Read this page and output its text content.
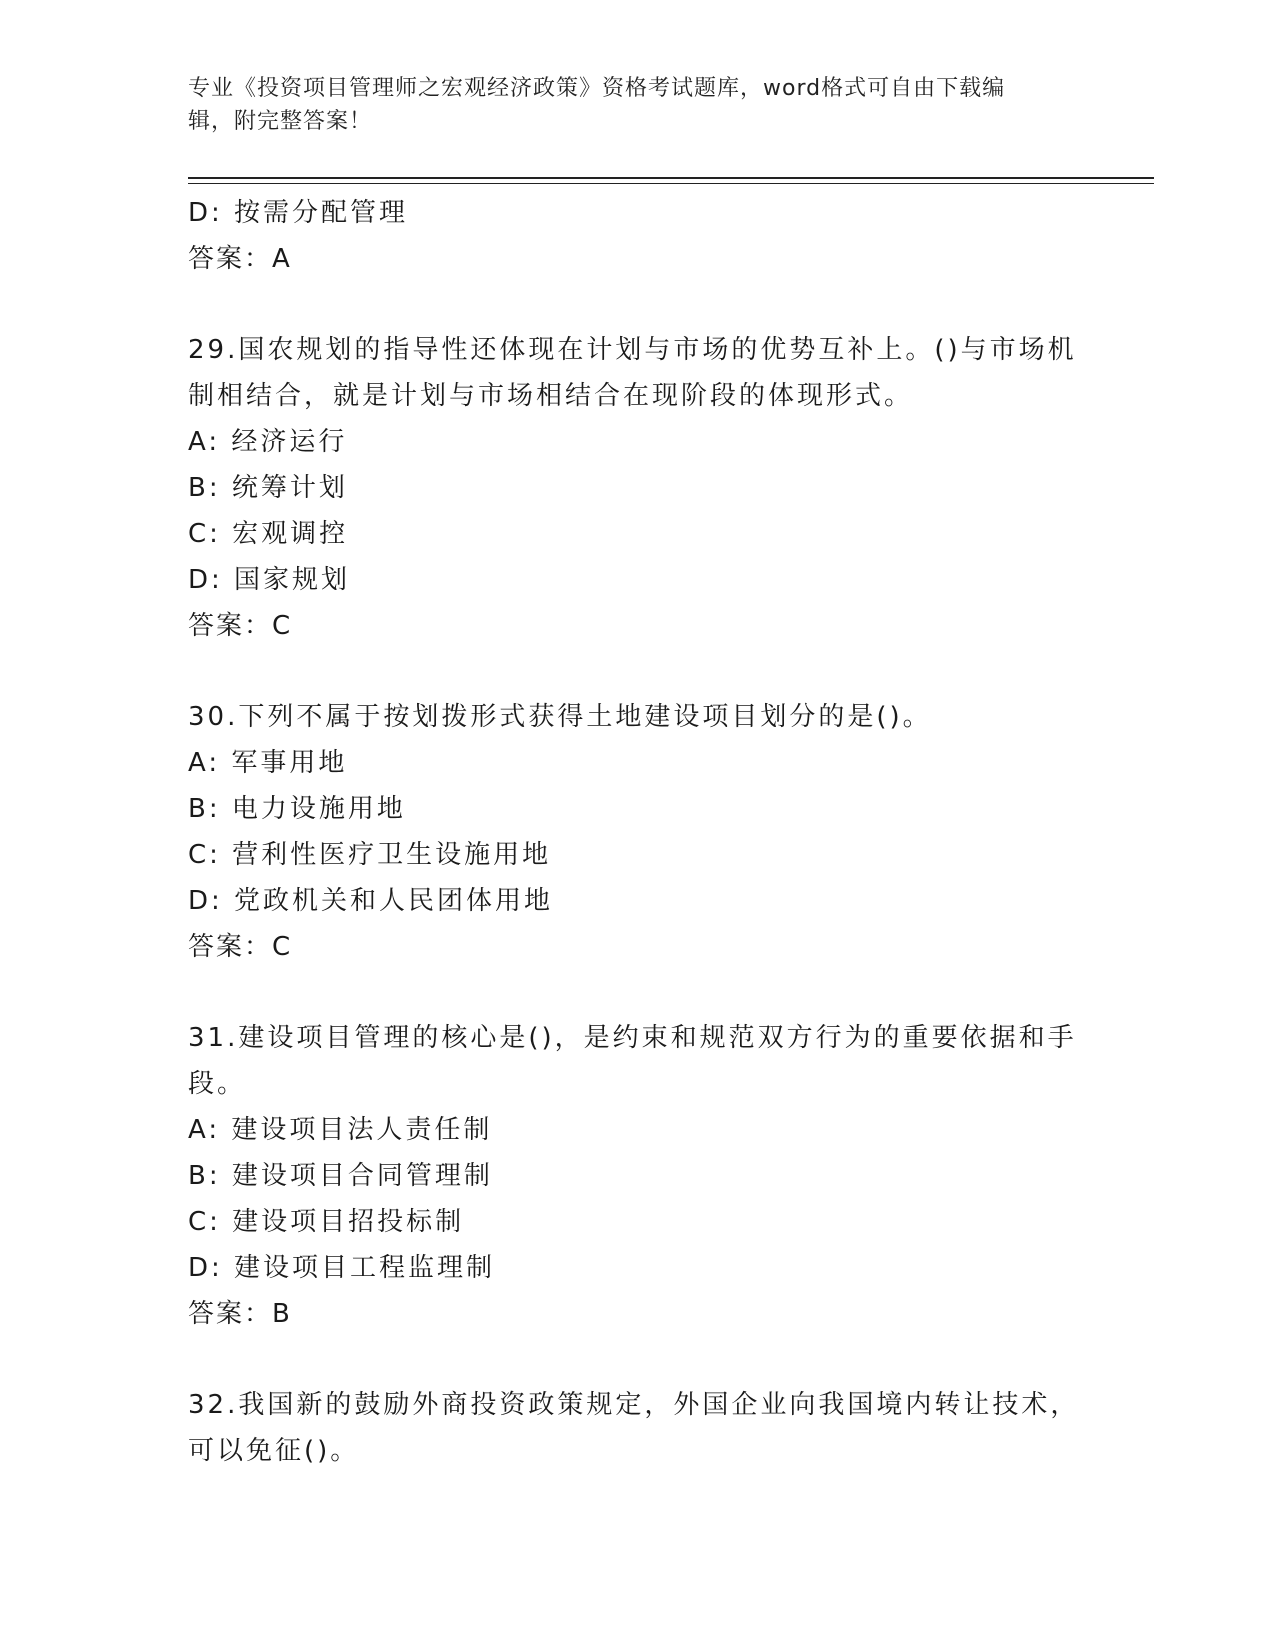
专业《投资项目管理师之宏观经济政策》资格考试题库，word格式可自由下载编
辑，附完整答案！
D: 按需分配管理
答案：A
29.国农规划的指导性还体现在计划与市场的优势互补上。()与市场机
制相结合，就是计划与市场相结合在现阶段的体现形式。
A: 经济运行
B: 统筹计划
C: 宏观调控
D: 国家规划
答案：C
30.下列不属于按划拨形式获得土地建设项目划分的是()。
A: 军事用地
B: 电力设施用地
C: 营利性医疗卫生设施用地
D: 党政机关和人民团体用地
答案：C
31.建设项目管理的核心是()，是约束和规范双方行为的重要依据和手
段。
A: 建设项目法人责任制
B: 建设项目合同管理制
C: 建设项目招投标制
D: 建设项目工程监理制
答案：B
32.我国新的鼓励外商投资政策规定，外国企业向我国境内转让技术，
可以免征()。
